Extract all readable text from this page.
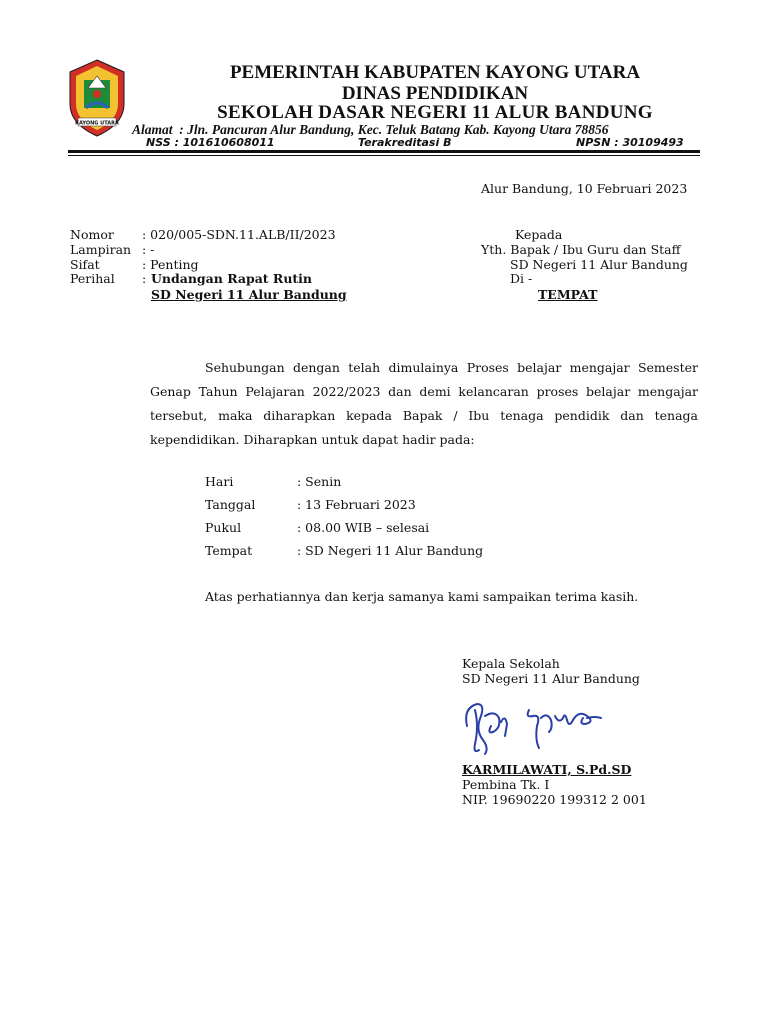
KAYONG UTARA
PEMERINTAH KABUPATEN KAYONG UTARA
DINAS PENDIDIKAN
SEKOLAH DASAR NEGERI 11 ALUR BANDUNG
Alamat : Jln. Pancuran Alur Bandung, Kec. Teluk Batang Kab. Kayong Utara 78856
NSS : 101610608011	Terakreditasi B	NPSN : 30109493
Alur Bandung, 10 Februari 2023
Nomor : 020/005-SDN.11.ALB/II/2023
Lampiran : -
Sifat	: Penting
Perihal : Undangan Rapat Rutin
SD Negeri 11 Alur Bandung
Kepada
Yth. Bapak / Ibu Guru dan Staff
SD Negeri 11 Alur Bandung
Di -
TEMPAT
Sehubungan dengan telah dimulainya Proses belajar mengajar Semester Genap Tahun Pelajaran 2022/2023 dan demi kelancaran proses belajar mengajar tersebut, maka diharapkan kepada Bapak / Ibu tenaga pendidik dan tenaga kependidikan. Diharapkan untuk dapat hadir pada:
Hari	: Senin
Tanggal	: 13 Februari 2023
Pukul	: 08.00 WIB – selesai
Tempat	: SD Negeri 11 Alur Bandung
Atas perhatiannya dan kerja samanya kami sampaikan terima kasih.
Kepala Sekolah
SD Negeri 11 Alur Bandung
KARMILAWATI, S.Pd.SD
Pembina Tk. I
NIP. 19690220 199312 2 001
